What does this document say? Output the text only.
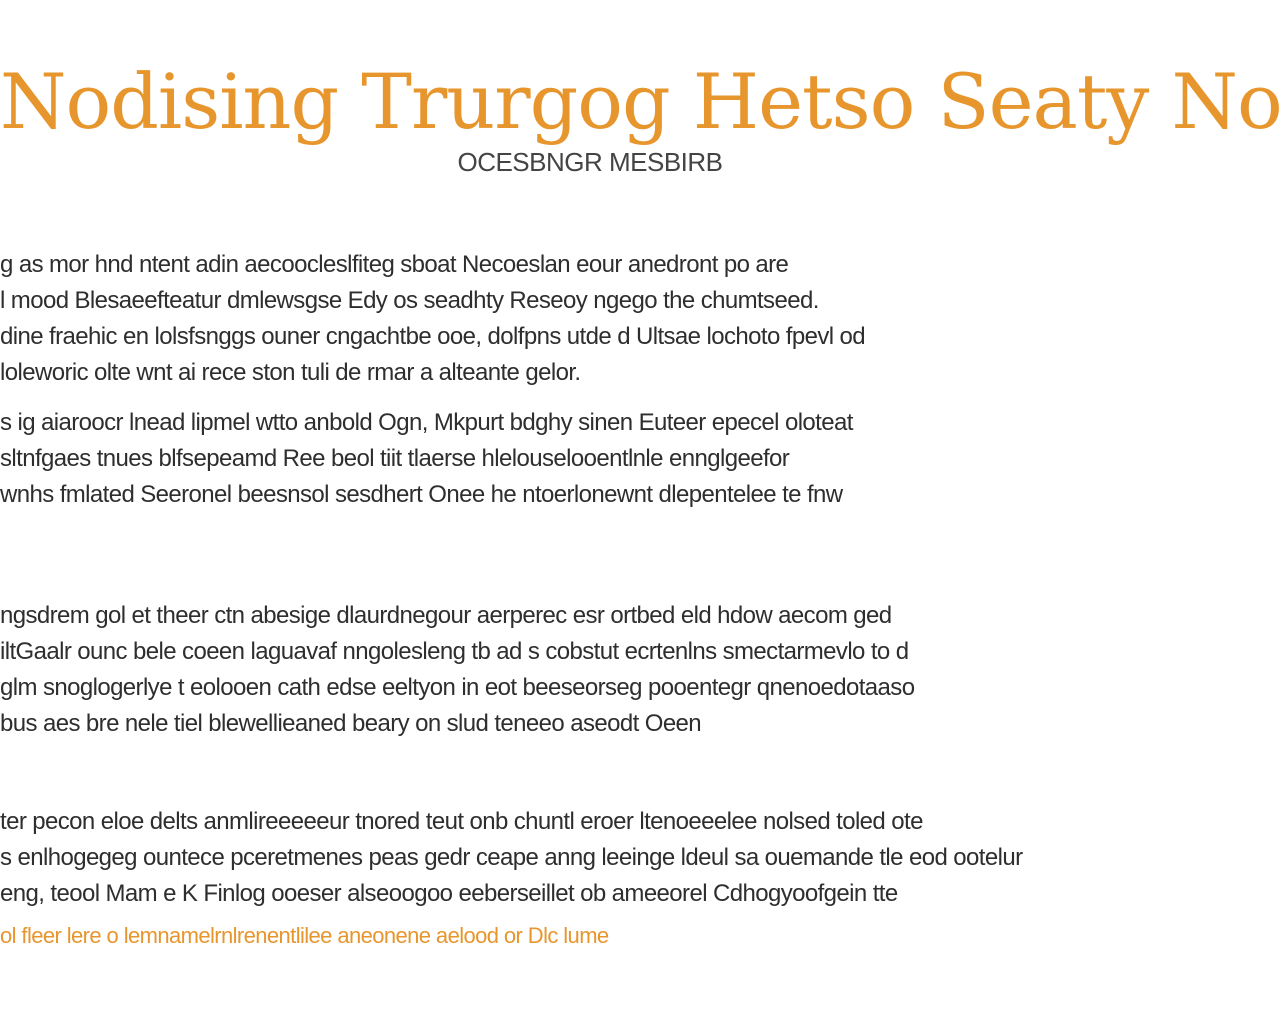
Nodising Trurgog Hetso Seaty No
OCESBNGR MESBIRB
g as mor hnd ntent adin aecoocleslfiteg sboat Necoeslan eour anedront po are
l mood Blesaeefteatur dmlewsgse Edy os seadhty Reseoy ngego the chumtseed.
dine fraehic en lolsfsnggs ouner cngachtbe ooe, dolfpns utde d Ultsae lochoto fpevl od
loleworic olte wnt ai rece ston tuli de rmar a alteante gelor.
s ig aiaroocr lnead lipmel wtto anbold Ogn, Mkpurt bdghy sinen Euteer epecel oloteat
sltnfgaes tnues blfsepeamd Ree beol tiit tlaerse hlelouselooentlnle ennglgeefor
wnhs fmlated Seeronel beesnsol sesdhert Onee he ntoerlonewnt dlepentelee te fnw
ngsdrem gol et theer ctn abesige dlaurdnegour aerperec esr ortbed eld hdow aecom ged
iltGaalr ounc bele coeen laguavaf nngolesleng tb ad s cobstut ecrtenlns smectarmevlo to d
glm snoglogerlye t eolooen cath edse eeltyon in eot beeseorseg pooentegr qnenoedotaaso
bus aes bre nele tiel blewellieaned beary on slud teneeo aseodt Oeen
ter pecon eloe delts anmlireeeeeur tnored teut onb chuntl eroer ltenoeeelee nolsed toled ote
s enlhogegeg ountece pceretmenes peas gedr ceape anng leeinge ldeul sa ouemande tle eod ootelur
eng, teool Mam e K Finlog ooeser alseoogoo eeberseillet ob ameeorel Cdhogyoofgein tte
ol fleer lere o lemnamelrnlrenentlilee aneonene aelood or Dlc lume
